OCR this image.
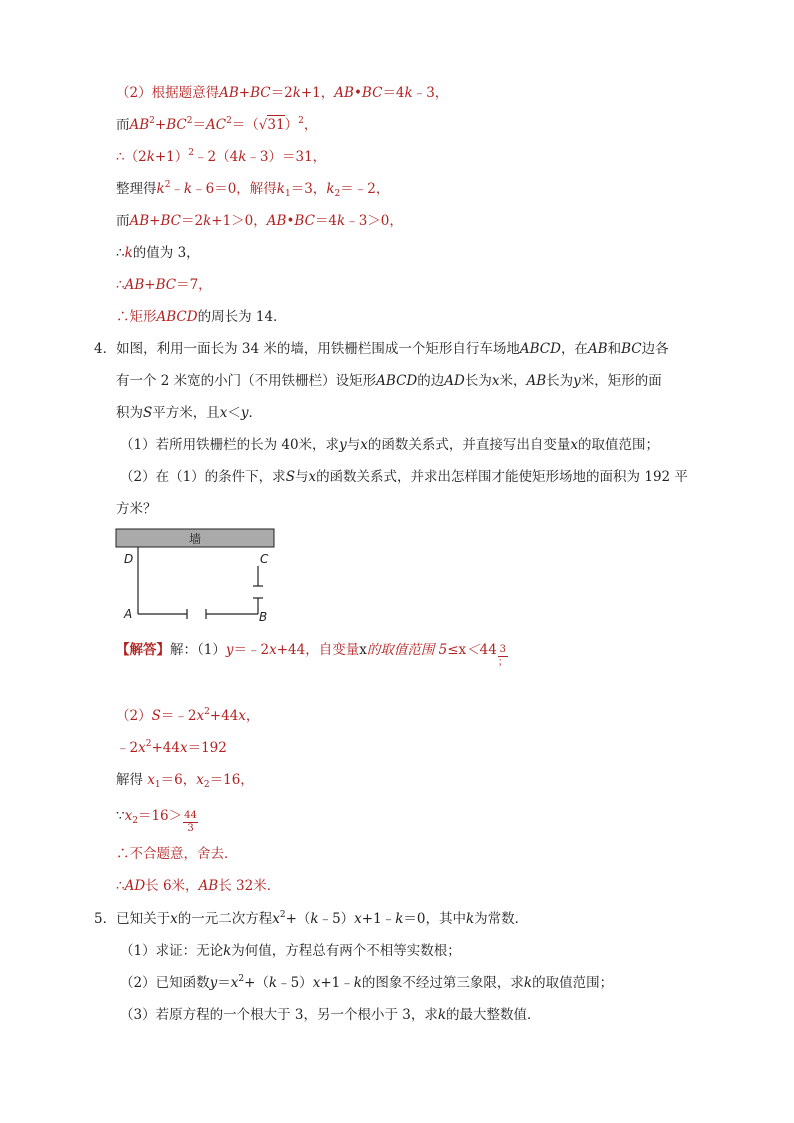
（2）根据题意得AB+BC＝2k+1，AB•BC＝4k﹣3，
而$AB^2+BC^2=AC^2=(√31)^2$，
$\therefore(2k+1)^2﹣2(4k﹣3)=31$，
整理得$k^2﹣k﹣6=0$，解得$k_1=3$，$k_2=﹣2$，
而AB+BC＝2k+1＞0，AB•BC＝4k﹣3＞0，
∴k的值为 3，
∴AB+BC＝7，
∴矩形ABCD的周长为 14．
4．如图，利用一面长为 34 米的墙，用铁栅栏围成一个矩形自行车场地ABCD，在AB和BC边各
有一个 2 米宽的小门（不用铁栅栏）设矩形ABCD的边AD长为x米，AB长为y米，矩形的面
积为S平方米，且x＜y．
（1）若所用铁栅栏的长为 40米，求y与x的函数关系式，并直接写出自变量x的取值范围；
（2）在（1）的条件下，求S与x的函数关系式，并求出怎样围才能使矩形场地的面积为 192 平
方米？
墙
D	C
A	B
【解答】解：（1）y＝﹣2x+44，自变量x的取值范围 $5\le x<44 \frac{3}{;}$
$(2)S=﹣2x^2+44x$，
$﹣2x^2+44x=192$
解得 $x_1=6$，$x_2=16$，
$\because x_2=16> \frac{44}{3}$
∴不合题意，舍去．
∴AD长 6米，AB长 32米．
5．已知关于x的一元二次方程$x^2+(k﹣5)x+1﹣k=0$，其中k为常数．
（1）求证：无论k为何值，方程总有两个不相等实数根；
（2）已知函数$y=x^2+(k﹣5)x+1﹣k$的图象不经过第三象限，求k的取值范围；
（3）若原方程的一个根大于 3，另一个根小于 3，求k的最大整数值．
